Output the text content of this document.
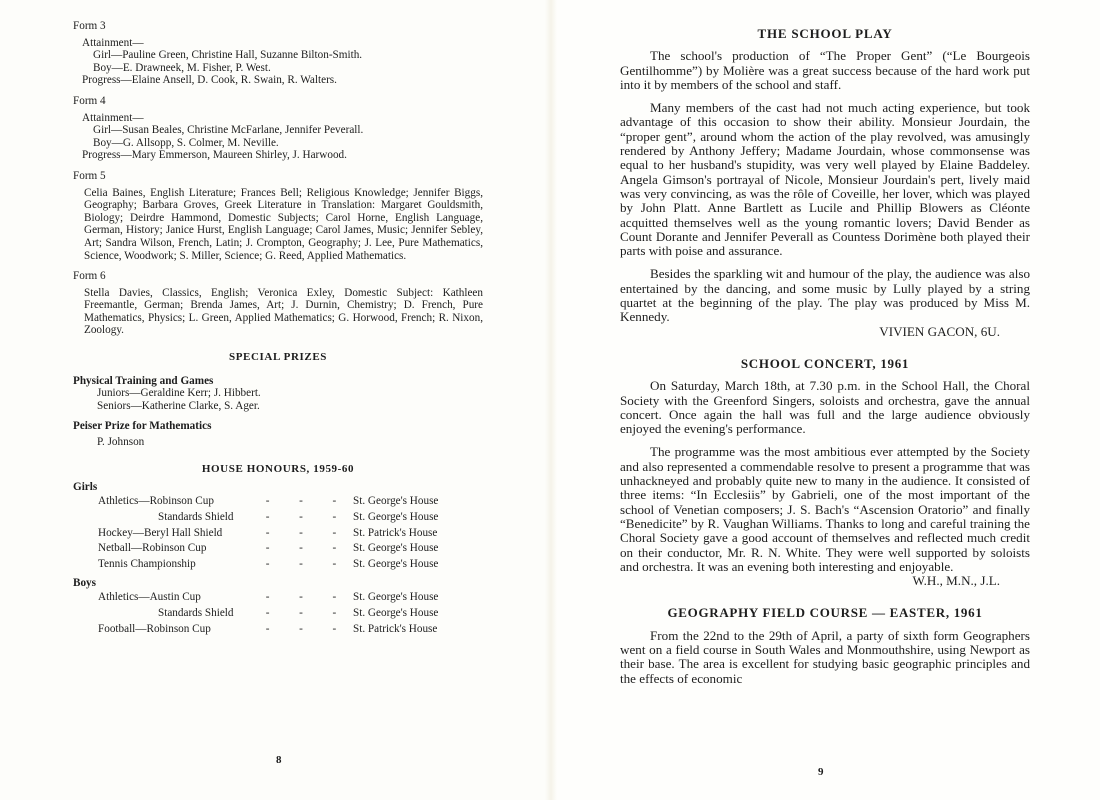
Form 3
Attainment—
Girl—Pauline Green, Christine Hall, Suzanne Bilton-Smith.
Boy—E. Drawneek, M. Fisher, P. West.
Progress—Elaine Ansell, D. Cook, R. Swain, R. Walters.
Form 4
Attainment—
Girl—Susan Beales, Christine McFarlane, Jennifer Peverall.
Boy—G. Allsopp, S. Colmer, M. Neville.
Progress—Mary Emmerson, Maureen Shirley, J. Harwood.
Form 5
Celia Baines, English Literature; Frances Bell; Religious Knowledge; Jennifer Biggs, Geography; Barbara Groves, Greek Literature in Translation: Margaret Gouldsmith, Biology; Deirdre Hammond, Domestic Subjects; Carol Horne, English Language, German, History; Janice Hurst, English Language; Carol James, Music; Jennifer Sebley, Art; Sandra Wilson, French, Latin; J. Crompton, Geography; J. Lee, Pure Mathematics, Science, Woodwork; S. Miller, Science; G. Reed, Applied Mathematics.
Form 6
Stella Davies, Classics, English; Veronica Exley, Domestic Subject: Kathleen Freemantle, German; Brenda James, Art; J. Durnin, Chemistry; D. French, Pure Mathematics, Physics; L. Green, Applied Mathematics; G. Horwood, French; R. Nixon, Zoology.
SPECIAL PRIZES
Physical Training and Games
Juniors—Geraldine Kerr; J. Hibbert.
Seniors—Katherine Clarke, S. Ager.
Peiser Prize for Mathematics
P. Johnson
HOUSE HONOURS, 1959-60
Girls
Athletics—Robinson Cup	-	-	- St. George's House
Standards Shield	-	-	- St. George's House
Hockey—Beryl Hall Shield	-	-	- St. Patrick's House
Netball—Robinson Cup	-	-	- St. George's House
Tennis Championship	-	-	- St. George's House
Boys
Athletics—Austin Cup	-	-	- St. George's House
Standards Shield	-	-	- St. George's House
Football—Robinson Cup	-	-	- St. Patrick's House
8
THE SCHOOL PLAY

The school's production of “The Proper Gent” (“Le Bourgeois Gentilhomme”) by Molière was a great success because of the hard work put into it by members of the school and staff.

Many members of the cast had not much acting experience, but took advantage of this occasion to show their ability. Monsieur Jourdain, the “proper gent”, around whom the action of the play revolved, was amusingly rendered by Anthony Jeffery; Madame Jourdain, whose commonsense was equal to her husband's stupidity, was very well played by Elaine Baddeley. Angela Gimson's portrayal of Nicole, Monsieur Jourdain's pert, lively maid was very convincing, as was the rôle of Coveille, her lover, which was played by John Platt. Anne Bartlett as Lucile and Phillip Blowers as Cléonte acquitted themselves well as the young romantic lovers; David Bender as Count Dorante and Jennifer Peverall as Countess Dorimène both played their parts with poise and assurance.

Besides the sparkling wit and humour of the play, the audience was also entertained by the dancing, and some music by Lully played by a string quartet at the beginning of the play. The play was produced by Miss M. Kennedy.

VIVIEN GACON, 6U.
SCHOOL CONCERT, 1961

On Saturday, March 18th, at 7.30 p.m. in the School Hall, the Choral Society with the Greenford Singers, soloists and orchestra, gave the annual concert. Once again the hall was full and the large audience obviously enjoyed the evening's performance.

The programme was the most ambitious ever attempted by the Society and also represented a commendable resolve to present a programme that was unhackneyed and probably quite new to many in the audience. It consisted of three items: “In Ecclesiis” by Gabrieli, one of the most important of the school of Venetian composers; J. S. Bach's “Ascension Oratorio” and finally “Benedicite” by R. Vaughan Williams. Thanks to long and careful training the Choral Society gave a good account of themselves and reflected much credit on their conductor, Mr. R. N. White. They were well supported by soloists and orchestra. It was an evening both interesting and enjoyable.

W.H., M.N., J.L.
GEOGRAPHY FIELD COURSE — EASTER, 1961

From the 22nd to the 29th of April, a party of sixth form Geographers went on a field course in South Wales and Monmouthshire, using Newport as their base. The area is excellent for studying basic geographic principles and the effects of economic

9
